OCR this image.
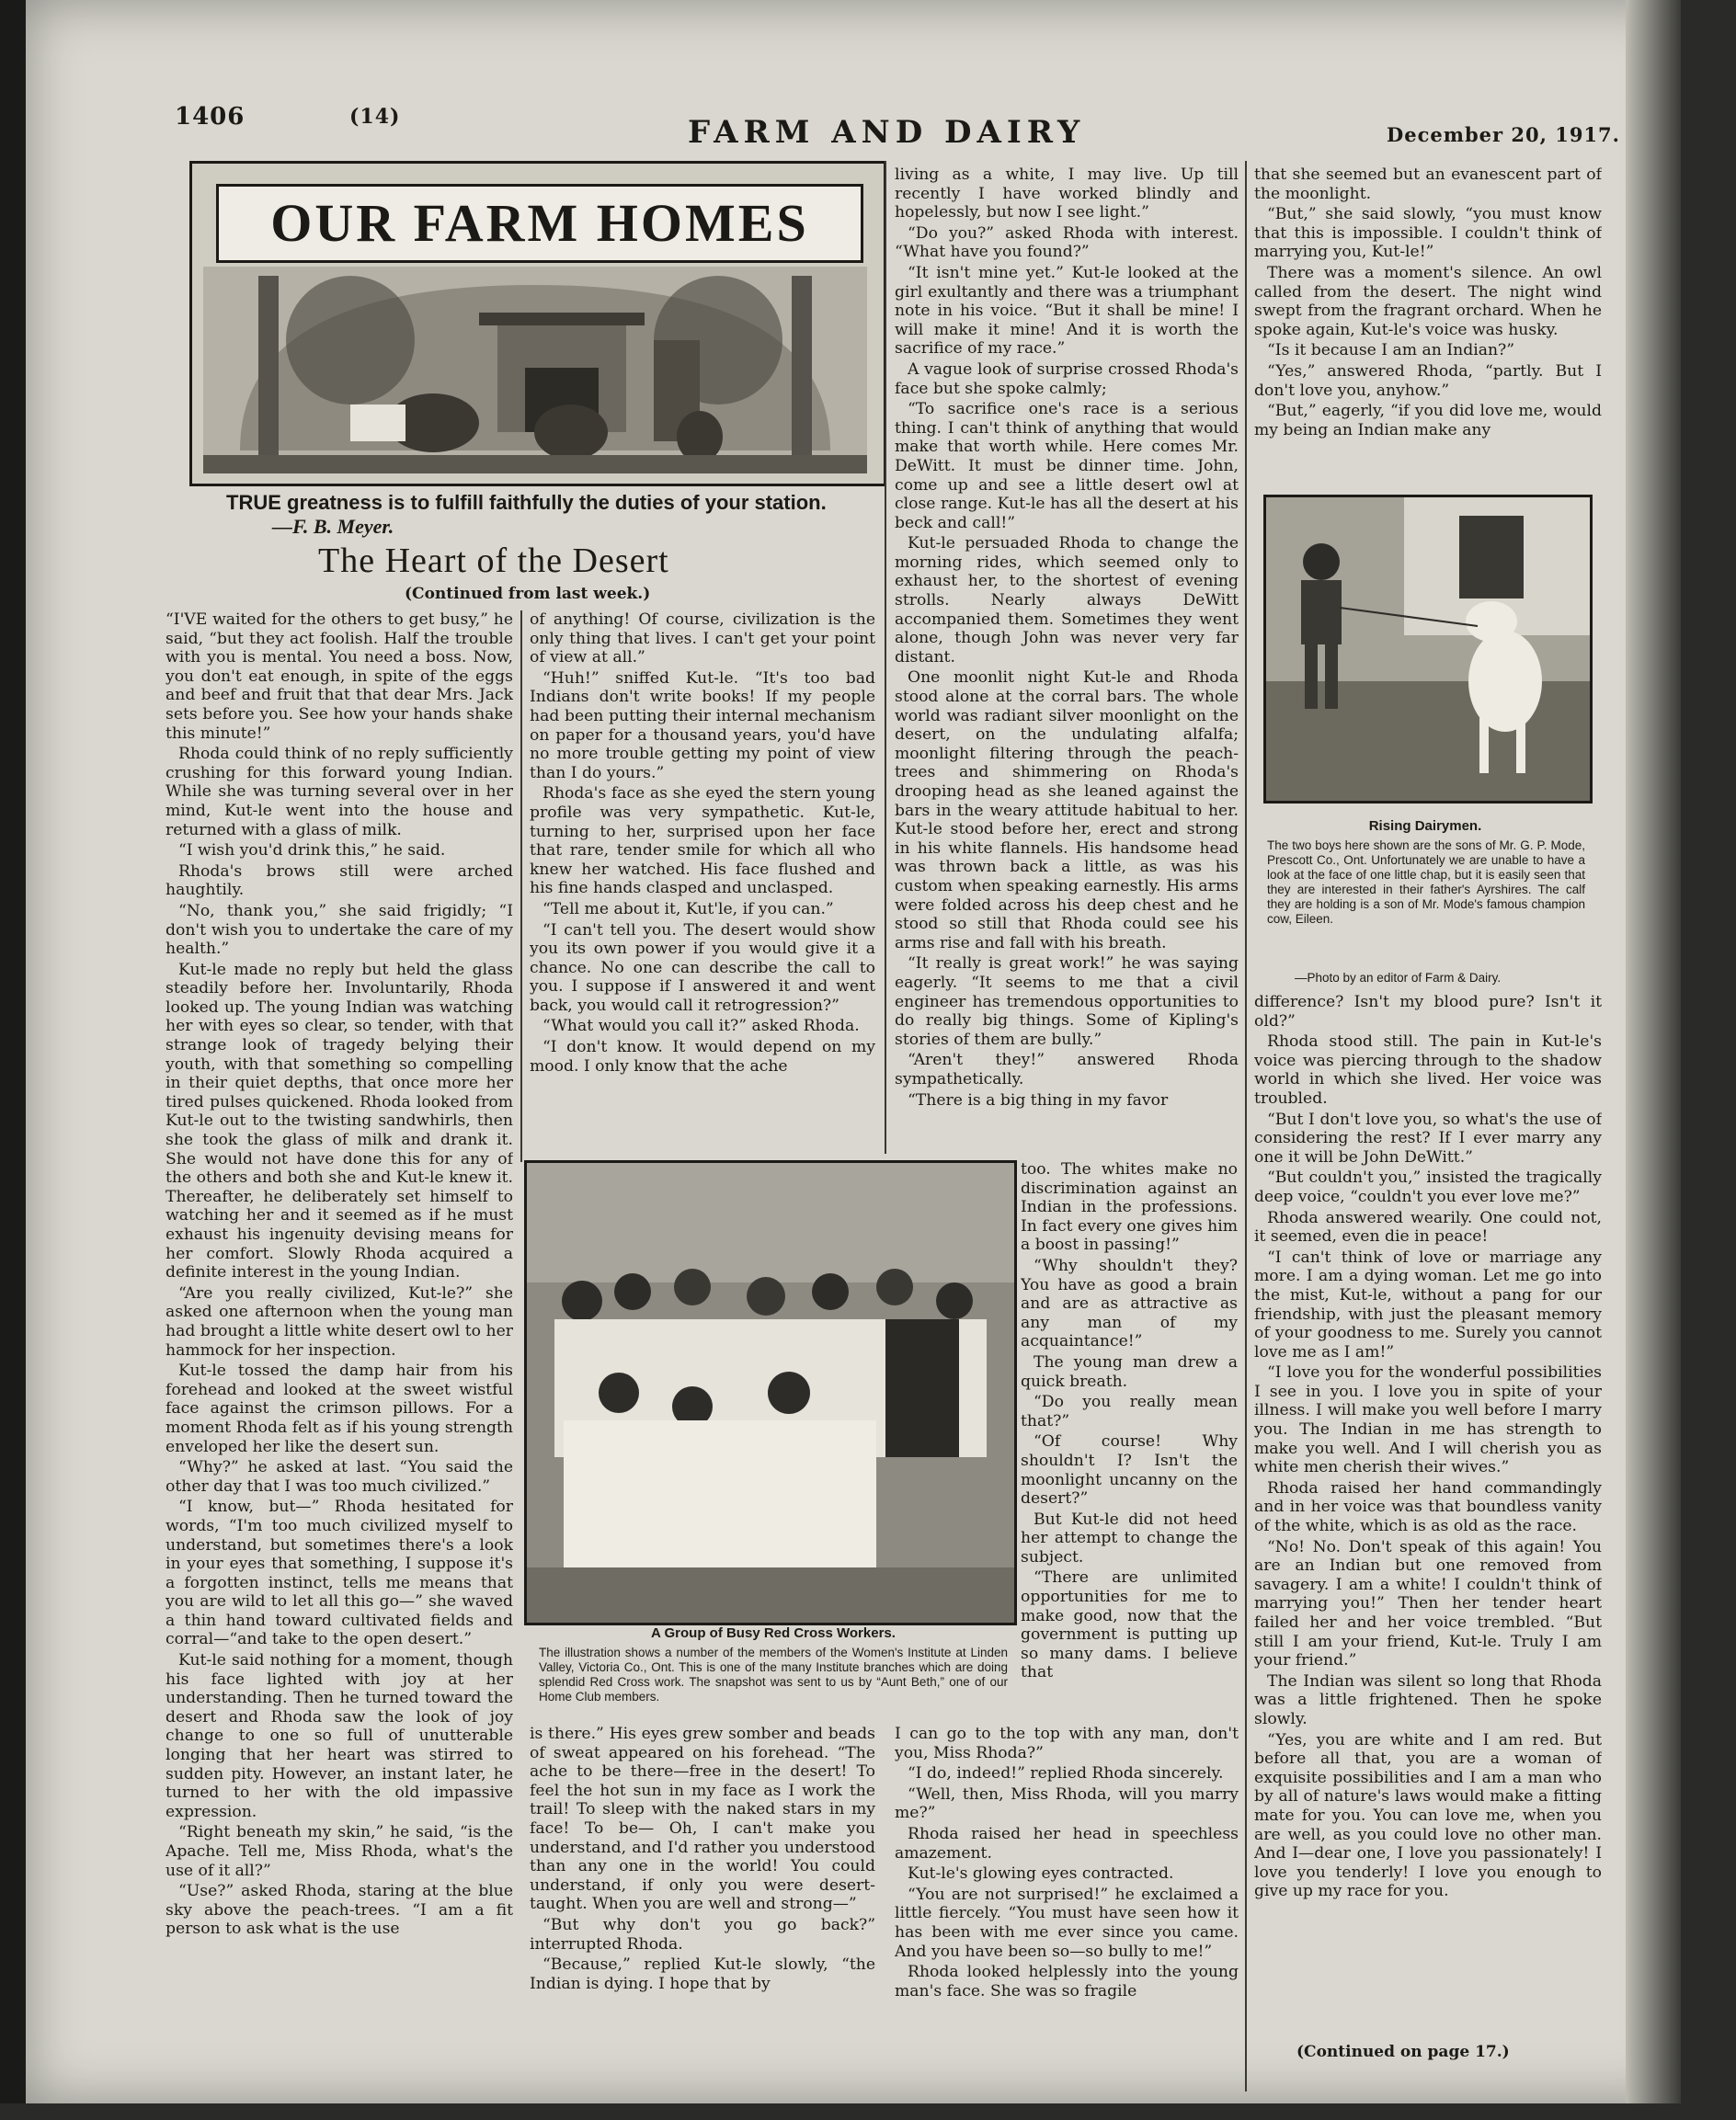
1406	(14)	FARM AND DAIRY	December 20, 1917.
OUR FARM HOMES
TRUE greatness is to fulfill faithfully the duties of your station.
—F. B. Meyer.
The Heart of the Desert
(Continued from last week.)

“I'VE waited for the others to get busy,” he said, “but they act foolish. Half the trouble with you is mental. You need a boss. Now, you don't eat enough, in spite of the eggs and beef and fruit that that dear Mrs. Jack sets before you. See how your hands shake this minute!”

Rhoda could think of no reply sufficiently crushing for this forward young Indian. While she was turning several over in her mind, Kut-le went into the house and returned with a glass of milk.

“I wish you'd drink this,” he said.

Rhoda's brows still were arched haughtily.

“No, thank you,” she said frigidly; “I don't wish you to undertake the care of my health.”

Kut-le made no reply but held the glass steadily before her. Involuntarily, Rhoda looked up. The young Indian was watching her with eyes so clear, so tender, with that strange look of tragedy belying their youth, with that something so compelling in their quiet depths, that once more her tired pulses quickened. Rhoda looked from Kut-le out to the twisting sandwhirls, then she took the glass of milk and drank it. She would not have done this for any of the others and both she and Kut-le knew it. Thereafter, he deliberately set himself to watching her and it seemed as if he must exhaust his ingenuity devising means for her comfort. Slowly Rhoda acquired a definite interest in the young Indian.

“Are you really civilized, Kut-le?” she asked one afternoon when the young man had brought a little white desert owl to her hammock for her inspection.

Kut-le tossed the damp hair from his forehead and looked at the sweet wistful face against the crimson pillows. For a moment Rhoda felt as if his young strength enveloped her like the desert sun.

“Why?” he asked at last. “You said the other day that I was too much civilized.”

“I know, but—” Rhoda hesitated for words, “I'm too much civilized myself to understand, but sometimes there's a look in your eyes that something, I suppose it's a forgotten instinct, tells me means that you are wild to let all this go—” she waved a thin hand toward cultivated fields and corral—“and take to the open desert.”

Kut-le said nothing for a moment, though his face lighted with joy at her understanding. Then he turned toward the desert and Rhoda saw the look of joy change to one so full of unutterable longing that her heart was stirred to sudden pity. However, an instant later, he turned to her with the old impassive expression.

“Right beneath my skin,” he said, “is the Apache. Tell me, Miss Rhoda, what's the use of it all?”

“Use?” asked Rhoda, staring at the blue sky above the peach-trees. “I am a fit person to ask what is the use

of anything! Of course, civilization is the only thing that lives. I can't get your point of view at all.”

“Huh!” sniffed Kut-le. “It's too bad Indians don't write books! If my people had been putting their internal mechanism on paper for a thousand years, you'd have no more trouble getting my point of view than I do yours.”

Rhoda's face as she eyed the stern young profile was very sympathetic. Kut-le, turning to her, surprised upon her face that rare, tender smile for which all who knew her watched. His face flushed and his fine hands clasped and unclasped.

“Tell me about it, Kut'le, if you can.”

“I can't tell you. The desert would show you its own power if you would give it a chance. No one can describe the call to you. I suppose if I answered it and went back, you would call it retrogression?”

“What would you call it?” asked Rhoda.

“I don't know. It would depend on my mood. I only know that the ache

living as a white, I may live. Up till recently I have worked blindly and hopelessly, but now I see light.”

“Do you?” asked Rhoda with interest. “What have you found?”

“It isn't mine yet.” Kut-le looked at the girl exultantly and there was a triumphant note in his voice. “But it shall be mine! I will make it mine! And it is worth the sacrifice of my race.”

A vague look of surprise crossed Rhoda's face but she spoke calmly;

“To sacrifice one's race is a serious thing. I can't think of anything that would make that worth while. Here comes Mr. DeWitt. It must be dinner time. John, come up and see a little desert owl at close range. Kut-le has all the desert at his beck and call!”

Kut-le persuaded Rhoda to change the morning rides, which seemed only to exhaust her, to the shortest of evening strolls. Nearly always DeWitt accompanied them. Sometimes they went alone, though John was never very far distant.

One moonlit night Kut-le and Rhoda stood alone at the corral bars. The whole world was radiant silver moonlight on the desert, on the undulating alfalfa; moonlight filtering through the peach-trees and shimmering on Rhoda's drooping head as she leaned against the bars in the weary attitude habitual to her. Kut-le stood before her, erect and strong in his white flannels. His handsome head was thrown back a little, as was his custom when speaking earnestly. His arms were folded across his deep chest and he stood so still that Rhoda could see his arms rise and fall with his breath.

“It really is great work!” he was saying eagerly. “It seems to me that a civil engineer has tremendous opportunities to do really big things. Some of Kipling's stories of them are bully.”

“Aren't they!” answered Rhoda sympathetically.

“There is a big thing in my favor

A Group of Busy Red Cross Workers.
The illustration shows a number of the members of the Women's Institute at Linden Valley, Victoria Co., Ont. This is one of the many Institute branches which are doing splendid Red Cross work. The snapshot was sent to us by “Aunt Beth,” one of our Home Club members.

too. The whites make no discrimination against an Indian in the professions. In fact every one gives him a boost in passing!”

“Why shouldn't they? You have as good a brain and are as attractive as any man of my acquaintance!”

The young man drew a quick breath.

“Do you really mean that?”

“Of course! Why shouldn't I? Isn't the moonlight uncanny on the desert?”

But Kut-le did not heed her attempt to change the subject.

“There are unlimited opportunities for me to make good, now that the government is putting up so many dams. I believe that

is there.” His eyes grew somber and beads of sweat appeared on his forehead. “The ache to be there—free in the desert! To feel the hot sun in my face as I work the trail! To sleep with the naked stars in my face! To be— Oh, I can't make you understand, and I'd rather you understood than any one in the world! You could understand, if only you were desert-taught. When you are well and strong—”

“But why don't you go back?” interrupted Rhoda.

“Because,” replied Kut-le slowly, “the Indian is dying. I hope that by

I can go to the top with any man, don't you, Miss Rhoda?”

“I do, indeed!” replied Rhoda sincerely.

“Well, then, Miss Rhoda, will you marry me?”

Rhoda raised her head in speechless amazement.

Kut-le's glowing eyes contracted.

“You are not surprised!” he exclaimed a little fiercely. “You must have seen how it has been with me ever since you came. And you have been so—so bully to me!”

Rhoda looked helplessly into the young man's face. She was so fragile

that she seemed but an evanescent part of the moonlight.

“But,” she said slowly, “you must know that this is impossible. I couldn't think of marrying you, Kut-le!”

There was a moment's silence. An owl called from the desert. The night wind swept from the fragrant orchard. When he spoke again, Kut-le's voice was husky.

“Is it because I am an Indian?”

“Yes,” answered Rhoda, “partly. But I don't love you, anyhow.”

“But,” eagerly, “if you did love me, would my being an Indian make any

Rising Dairymen.
The two boys here shown are the sons of Mr. G. P. Mode, Prescott Co., Ont. Unfortunately we are unable to have a look at the face of one little chap, but it is easily seen that they are interested in their father's Ayrshires. The calf they are holding is a son of Mr. Mode's famous champion cow, Eileen.
—Photo by an editor of Farm & Dairy.

difference? Isn't my blood pure? Isn't it old?”

Rhoda stood still. The pain in Kut-le's voice was piercing through to the shadow world in which she lived. Her voice was troubled.

“But I don't love you, so what's the use of considering the rest? If I ever marry any one it will be John DeWitt.”

“But couldn't you,” insisted the tragically deep voice, “couldn't you ever love me?”

Rhoda answered wearily. One could not, it seemed, even die in peace!

“I can't think of love or marriage any more. I am a dying woman. Let me go into the mist, Kut-le, without a pang for our friendship, with just the pleasant memory of your goodness to me. Surely you cannot love me as I am!”

“I love you for the wonderful possibilities I see in you. I love you in spite of your illness. I will make you well before I marry you. The Indian in me has strength to make you well. And I will cherish you as white men cherish their wives.”

Rhoda raised her hand commandingly and in her voice was that boundless vanity of the white, which is as old as the race.

“No! No. Don't speak of this again! You are an Indian but one removed from savagery. I am a white! I couldn't think of marrying you!” Then her tender heart failed her and her voice trembled. “But still I am your friend, Kut-le. Truly I am your friend.”

The Indian was silent so long that Rhoda was a little frightened. Then he spoke slowly.

“Yes, you are white and I am red. But before all that, you are a woman of exquisite possibilities and I am a man who by all of nature's laws would make a fitting mate for you. You can love me, when you are well, as you could love no other man. And I—dear one, I love you passionately! I love you tenderly! I love you enough to give up my race for you.

(Continued on page 17.)
